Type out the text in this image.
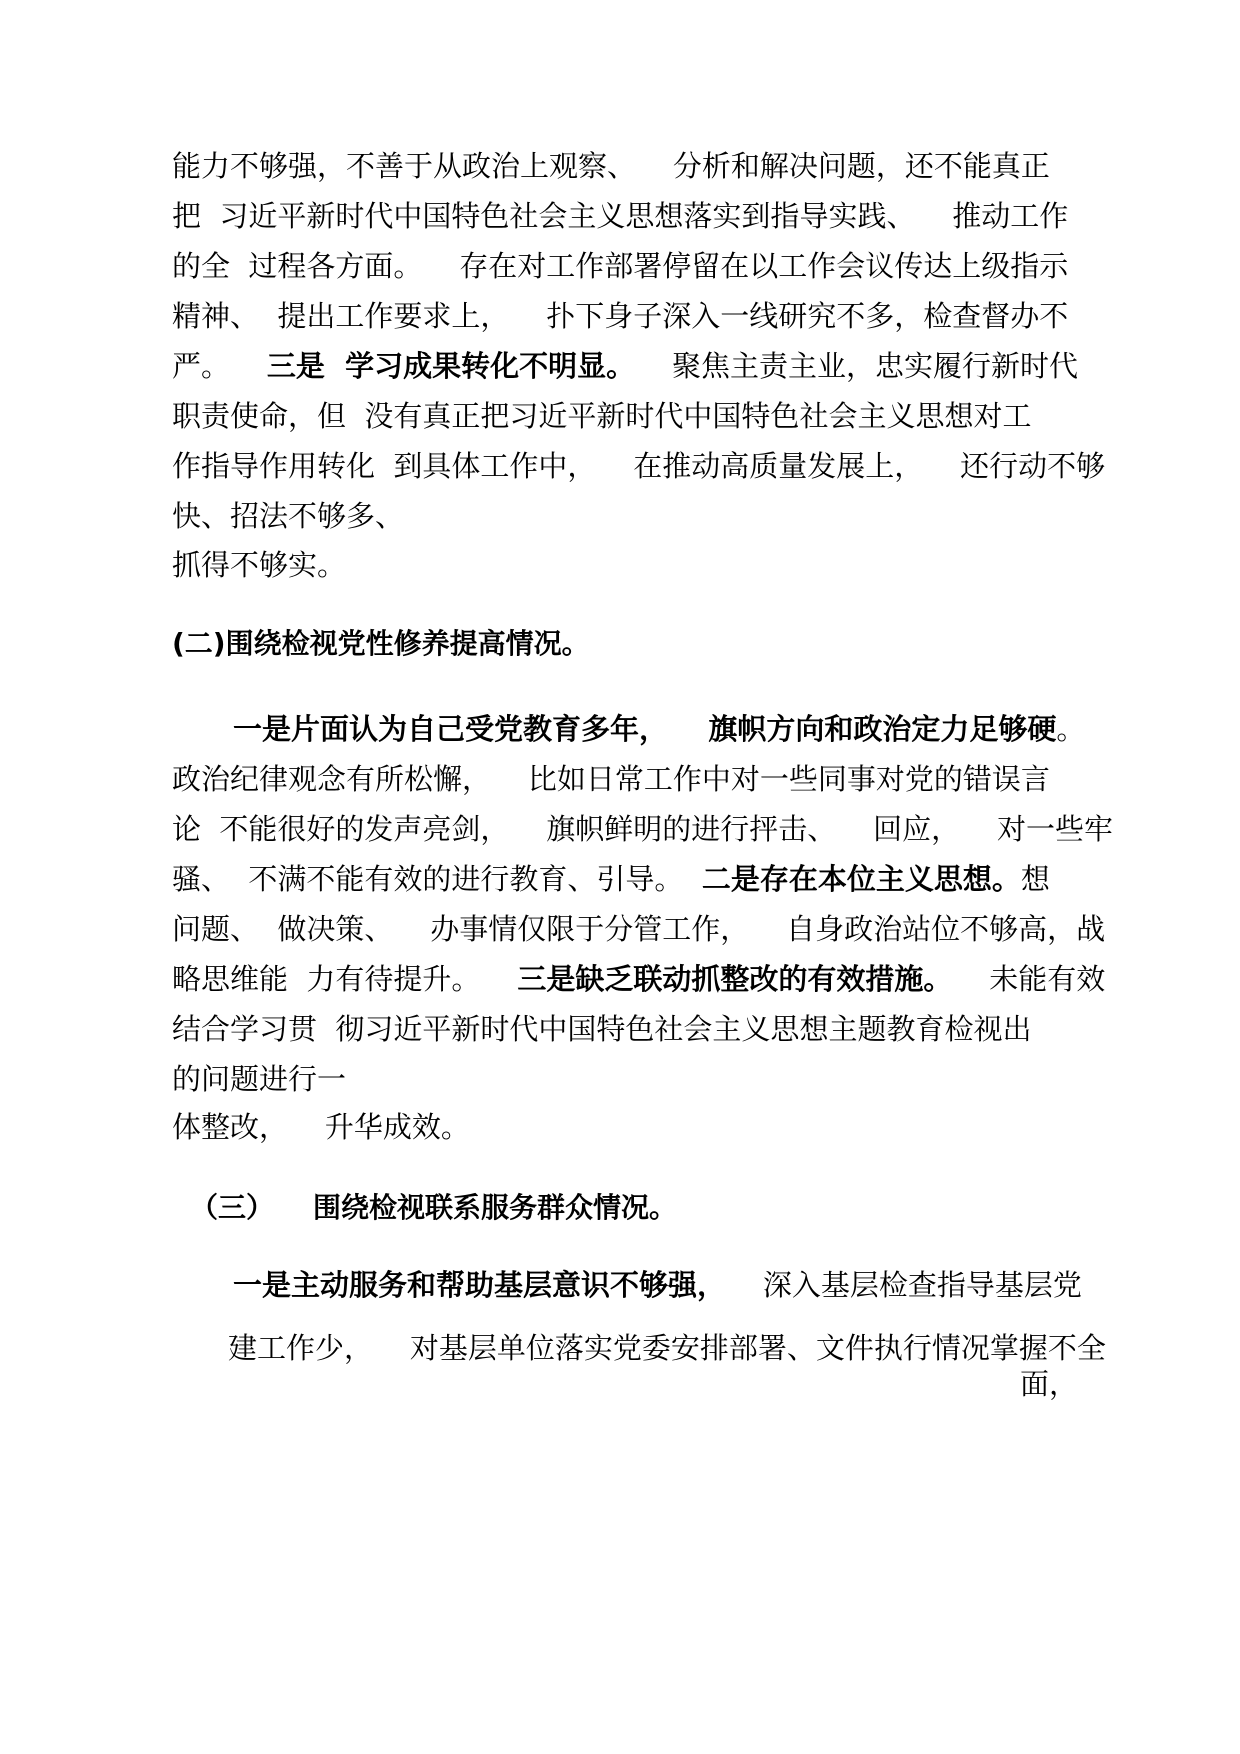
能力不够强，不善于从政治上观察、    分析和解决问题，还不能真正
把  习近平新时代中国特色社会主义思想落实到指导实践、    推动工作
的全  过程各方面。    存在对工作部署停留在以工作会议传达上级指示
精神、  提出工作要求上，    扑下身子深入一线研究不多，检查督办不
严。    三是  学习成果转化不明显。    聚焦主责主业，忠实履行新时代
职责使命，但  没有真正把习近平新时代中国特色社会主义思想对工
作指导作用转化  到具体工作中，    在推动高质量发展上，    还行动不够
快、招法不够多、
抓得不够实。
(二)围绕检视党性修养提高情况。
一是片面认为自己受党教育多年，    旗帜方向和政治定力足够硬。
政治纪律观念有所松懈，    比如日常工作中对一些同事对党的错误言
论  不能很好的发声亮剑，    旗帜鲜明的进行抨击、    回应，    对一些牢
骚、  不满不能有效的进行教育、引导。  二是存在本位主义思想。想
问题、  做决策、    办事情仅限于分管工作，    自身政治站位不够高，战
略思维能  力有待提升。    三是缺乏联动抓整改的有效措施。    未能有效
结合学习贯  彻习近平新时代中国特色社会主义思想主题教育检视出
的问题进行一
体整改，    升华成效。
（三）    围绕检视联系服务群众情况。
一是主动服务和帮助基层意识不够强，    深入基层检查指导基层党
建工作少，    对基层单位落实党委安排部署、文件执行情况掌握不全
面，
